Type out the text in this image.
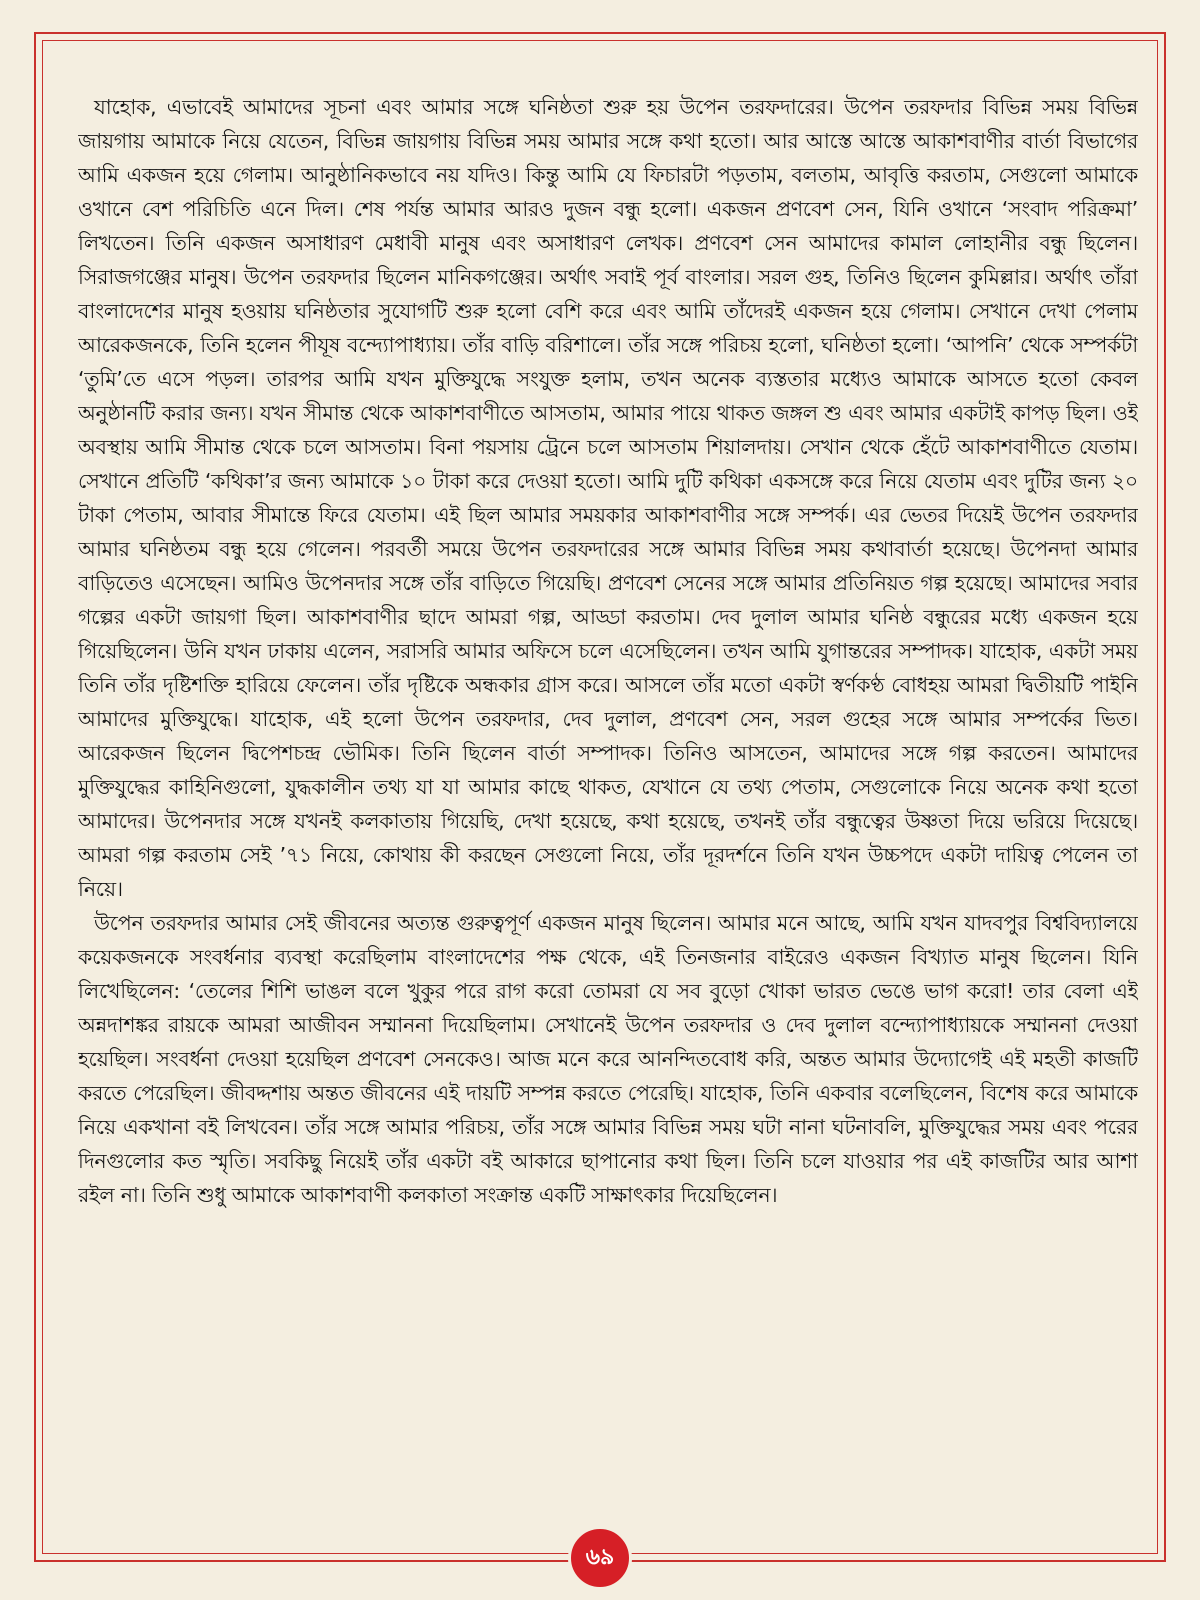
যাহোক, এভাবেই আমাদের সূচনা এবং আমার সঙ্গে ঘনিষ্ঠতা শুরু হয় উপেন তরফদারের। উপেন তরফদার বিভিন্ন সময় বিভিন্ন জায়গায় আমাকে নিয়ে যেতেন, বিভিন্ন জায়গায় বিভিন্ন সময় আমার সঙ্গে কথা হতো। আর আস্তে আস্তে আকাশবাণীর বার্তা বিভাগের আমি একজন হয়ে গেলাম। আনুষ্ঠানিকভাবে নয় যদিও। কিন্তু আমি যে ফিচারটা পড়তাম, বলতাম, আবৃত্তি করতাম, সেগুলো আমাকে ওখানে বেশ পরিচিতি এনে দিল। শেষ পর্যন্ত আমার আরও দুজন বন্ধু হলো। একজন প্রণবেশ সেন, যিনি ওখানে ‘সংবাদ পরিক্রমা’ লিখতেন। তিনি একজন অসাধারণ মেধাবী মানুষ এবং অসাধারণ লেখক। প্রণবেশ সেন আমাদের কামাল লোহানীর বন্ধু ছিলেন। সিরাজগঞ্জের মানুষ। উপেন তরফদার ছিলেন মানিকগঞ্জের। অর্থাৎ সবাই পূর্ব বাংলার। সরল গুহ, তিনিও ছিলেন কুমিল্লার। অর্থাৎ তাঁরা বাংলাদেশের মানুষ হওয়ায় ঘনিষ্ঠতার সুযোগটি শুরু হলো বেশি করে এবং আমি তাঁদেরই একজন হয়ে গেলাম। সেখানে দেখা পেলাম আরেকজনকে, তিনি হলেন পীযূষ বন্দ্যোপাধ্যায়। তাঁর বাড়ি বরিশালে। তাঁর সঙ্গে পরিচয় হলো, ঘনিষ্ঠতা হলো। ‘আপনি’ থেকে সম্পর্কটা ‘তুমি’তে এসে পড়ল। তারপর আমি যখন মুক্তিযুদ্ধে সংযুক্ত হলাম, তখন অনেক ব্যস্ততার মধ্যেও আমাকে আসতে হতো কেবল অনুষ্ঠানটি করার জন্য। যখন সীমান্ত থেকে আকাশবাণীতে আসতাম, আমার পায়ে থাকত জঙ্গল শু এবং আমার একটাই কাপড় ছিল। ওই অবস্থায় আমি সীমান্ত থেকে চলে আসতাম। বিনা পয়সায় ট্রেনে চলে আসতাম শিয়ালদায়। সেখান থেকে হেঁটে আকাশবাণীতে যেতাম। সেখানে প্রতিটি ‘কথিকা’র জন্য আমাকে ১০ টাকা করে দেওয়া হতো। আমি দুটি কথিকা একসঙ্গে করে নিয়ে যেতাম এবং দুটির জন্য ২০ টাকা পেতাম, আবার সীমান্তে ফিরে যেতাম। এই ছিল আমার সময়কার আকাশবাণীর সঙ্গে সম্পর্ক। এর ভেতর দিয়েই উপেন তরফদার আমার ঘনিষ্ঠতম বন্ধু হয়ে গেলেন। পরবর্তী সময়ে উপেন তরফদারের সঙ্গে আমার বিভিন্ন সময় কথাবার্তা হয়েছে। উপেনদা আমার বাড়িতেও এসেছেন। আমিও উপেনদার সঙ্গে তাঁর বাড়িতে গিয়েছি। প্রণবেশ সেনের সঙ্গে আমার প্রতিনিয়ত গল্প হয়েছে। আমাদের সবার গল্পের একটা জায়গা ছিল। আকাশবাণীর ছাদে আমরা গল্প, আড্ডা করতাম। দেব দুলাল আমার ঘনিষ্ঠ বন্ধুরের মধ্যে একজন হয়ে গিয়েছিলেন। উনি যখন ঢাকায় এলেন, সরাসরি আমার অফিসে চলে এসেছিলেন। তখন আমি যুগান্তরের সম্পাদক। যাহোক, একটা সময় তিনি তাঁর দৃষ্টিশক্তি হারিয়ে ফেলেন। তাঁর দৃষ্টিকে অন্ধকার গ্রাস করে। আসলে তাঁর মতো একটা স্বর্ণকণ্ঠ বোধহয় আমরা দ্বিতীয়টি পাইনি আমাদের মুক্তিযুদ্ধে। যাহোক, এই হলো উপেন তরফদার, দেব দুলাল, প্রণবেশ সেন, সরল গুহের সঙ্গে আমার সম্পর্কের ভিত। আরেকজন ছিলেন দ্বিপেশচন্দ্র ভৌমিক। তিনি ছিলেন বার্তা সম্পাদক। তিনিও আসতেন, আমাদের সঙ্গে গল্প করতেন। আমাদের মুক্তিযুদ্ধের কাহিনিগুলো, যুদ্ধকালীন তথ্য যা যা আমার কাছে থাকত, যেখানে যে তথ্য পেতাম, সেগুলোকে নিয়ে অনেক কথা হতো আমাদের। উপেনদার সঙ্গে যখনই কলকাতায় গিয়েছি, দেখা হয়েছে, কথা হয়েছে, তখনই তাঁর বন্ধুত্বের উষ্ণতা দিয়ে ভরিয়ে দিয়েছে। আমরা গল্প করতাম সেই ’৭১ নিয়ে, কোথায় কী করছেন সেগুলো নিয়ে, তাঁর দূরদর্শনে তিনি যখন উচ্চপদে একটা দায়িত্ব পেলেন তা নিয়ে।

উপেন তরফদার আমার সেই জীবনের অত্যন্ত গুরুত্বপূর্ণ একজন মানুষ ছিলেন। আমার মনে আছে, আমি যখন যাদবপুর বিশ্ববিদ্যালয়ে কয়েকজনকে সংবর্ধনার ব্যবস্থা করেছিলাম বাংলাদেশের পক্ষ থেকে, এই তিনজনার বাইরেও একজন বিখ্যাত মানুষ ছিলেন। যিনি লিখেছিলেন: ‘তেলের শিশি ভাঙল বলে খুকুর পরে রাগ করো তোমরা যে সব বুড়ো খোকা ভারত ভেঙে ভাগ করো! তার বেলা এই অন্নদাশঙ্কর রায়কে আমরা আজীবন সম্মাননা দিয়েছিলাম। সেখানেই উপেন তরফদার ও দেব দুলাল বন্দ্যোপাধ্যায়কে সম্মাননা দেওয়া হয়েছিল। সংবর্ধনা দেওয়া হয়েছিল প্রণবেশ সেনকেও। আজ মনে করে আনন্দিতবোধ করি, অন্তত আমার উদ্যোগেই এই মহতী কাজটি করতে পেরেছিল। জীবদ্দশায় অন্তত জীবনের এই দায়টি সম্পন্ন করতে পেরেছি। যাহোক, তিনি একবার বলেছিলেন, বিশেষ করে আমাকে নিয়ে একখানা বই লিখবেন। তাঁর সঙ্গে আমার পরিচয়, তাঁর সঙ্গে আমার বিভিন্ন সময় ঘটা নানা ঘটনাবলি, মুক্তিযুদ্ধের সময় এবং পরের দিনগুলোর কত স্মৃতি। সবকিছু নিয়েই তাঁর একটা বই আকারে ছাপানোর কথা ছিল। তিনি চলে যাওয়ার পর এই কাজটির আর আশা রইল না। তিনি শুধু আমাকে আকাশবাণী কলকাতা সংক্রান্ত একটি সাক্ষাৎকার দিয়েছিলেন।

৬৯
